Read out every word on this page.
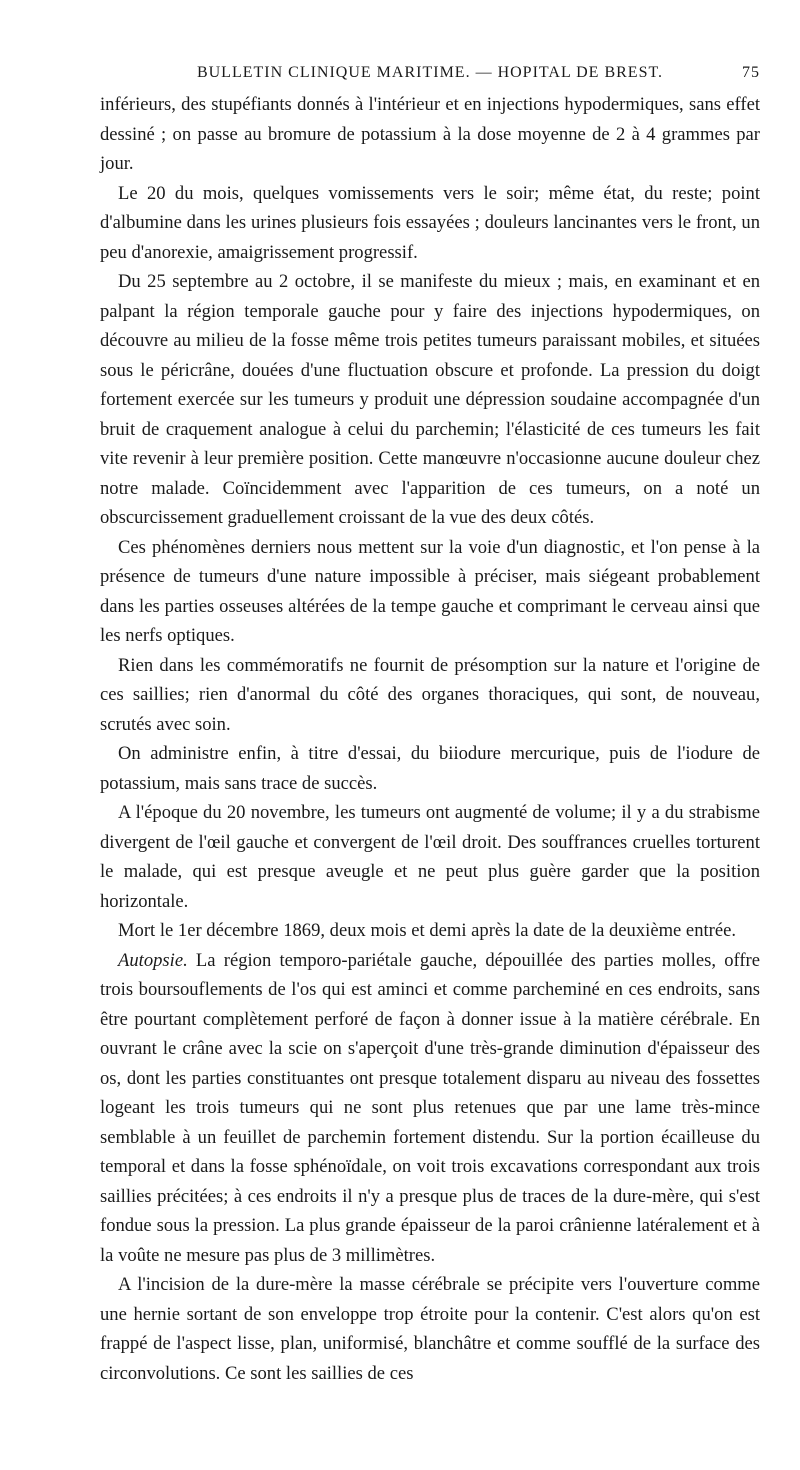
BULLETIN CLINIQUE MARITIME. — HOPITAL DE BREST.	75

inférieurs, des stupéfiants donnés à l'intérieur et en injections hypodermiques, sans effet dessiné ; on passe au bromure de potassium à la dose moyenne de 2 à 4 grammes par jour.

Le 20 du mois, quelques vomissements vers le soir; même état, du reste; point d'albumine dans les urines plusieurs fois essayées ; douleurs lancinantes vers le front, un peu d'anorexie, amaigrissement progressif.

Du 25 septembre au 2 octobre, il se manifeste du mieux ; mais, en examinant et en palpant la région temporale gauche pour y faire des injections hypodermiques, on découvre au milieu de la fosse même trois petites tumeurs paraissant mobiles, et situées sous le péricrâne, douées d'une fluctuation obscure et profonde. La pression du doigt fortement exercée sur les tumeurs y produit une dépression soudaine accompagnée d'un bruit de craquement analogue à celui du parchemin; l'élasticité de ces tumeurs les fait vite revenir à leur première position. Cette manœuvre n'occasionne aucune douleur chez notre malade. Coïncidemment avec l'apparition de ces tumeurs, on a noté un obscurcissement graduellement croissant de la vue des deux côtés.

Ces phénomènes derniers nous mettent sur la voie d'un diagnostic, et l'on pense à la présence de tumeurs d'une nature impossible à préciser, mais siégeant probablement dans les parties osseuses altérées de la tempe gauche et comprimant le cerveau ainsi que les nerfs optiques.

Rien dans les commémoratifs ne fournit de présomption sur la nature et l'origine de ces saillies; rien d'anormal du côté des organes thoraciques, qui sont, de nouveau, scrutés avec soin.

On administre enfin, à titre d'essai, du biiodure mercurique, puis de l'iodure de potassium, mais sans trace de succès.

A l'époque du 20 novembre, les tumeurs ont augmenté de volume; il y a du strabisme divergent de l'œil gauche et convergent de l'œil droit. Des souffrances cruelles torturent le malade, qui est presque aveugle et ne peut plus guère garder que la position horizontale.

Mort le 1er décembre 1869, deux mois et demi après la date de la deuxième entrée.

Autopsie. La région temporo-pariétale gauche, dépouillée des parties molles, offre trois boursouflements de l'os qui est aminci et comme parcheminé en ces endroits, sans être pourtant complètement perforé de façon à donner issue à la matière cérébrale. En ouvrant le crâne avec la scie on s'aperçoit d'une très-grande diminution d'épaisseur des os, dont les parties constituantes ont presque totalement disparu au niveau des fossettes logeant les trois tumeurs qui ne sont plus retenues que par une lame très-mince semblable à un feuillet de parchemin fortement distendu. Sur la portion écailleuse du temporal et dans la fosse sphénoïdale, on voit trois excavations correspondant aux trois saillies précitées; à ces endroits il n'y a presque plus de traces de la dure-mère, qui s'est fondue sous la pression. La plus grande épaisseur de la paroi crânienne latéralement et à la voûte ne mesure pas plus de 3 millimètres.

A l'incision de la dure-mère la masse cérébrale se précipite vers l'ouverture comme une hernie sortant de son enveloppe trop étroite pour la contenir. C'est alors qu'on est frappé de l'aspect lisse, plan, uniformisé, blanchâtre et comme soufflé de la surface des circonvolutions. Ce sont les saillies de ces
